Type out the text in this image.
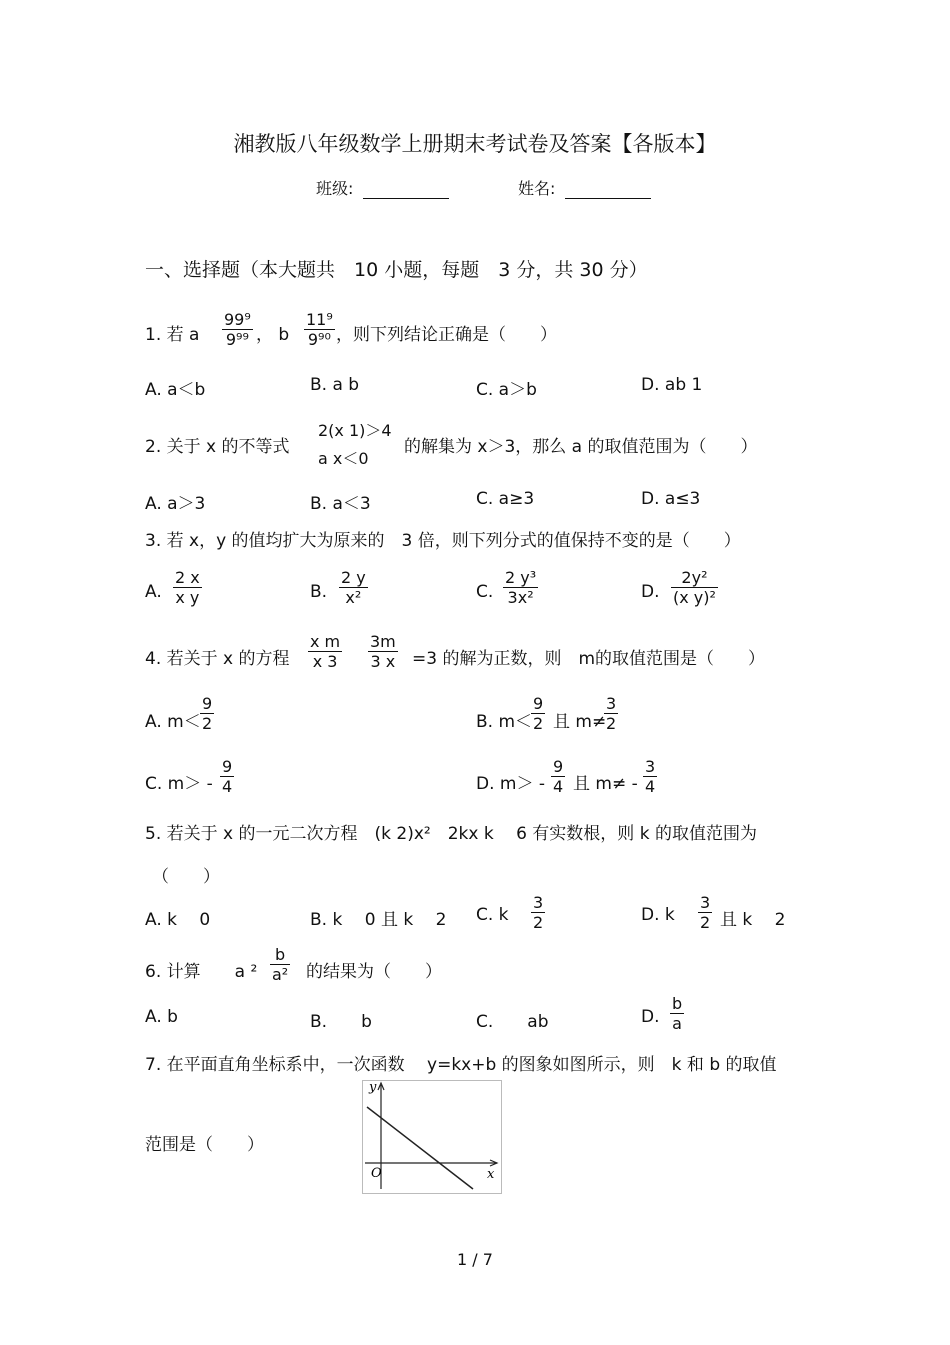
湘教版八年级数学上册期末考试卷及答案【各版本】
班级:	姓名:
一、选择题（本大题共　10 小题，每题　3 分，共 30 分）
1. 若 a $\frac{\text{99⁹}}{\text{9⁹⁹}}$ ， b $\frac{\text{11⁹}}{\text{9⁹⁰}}$ ，则下列结论正确是（　　）
A. a＜b	B. a b	C. a＞b	D. ab 1
2. 关于 x 的不等式
2(x 1)＞4
a x＜0
的解集为 x＞3，那么 a 的取值范围为（　　）
A. a＞3	B. a＜3	C. a≥3	D. a≤3
3. 若 x，y 的值均扩大为原来的　3 倍，则下列分式的值保持不变的是（　　）
A. $\frac{2 x}{\text{x y}}$	B. $\frac{2 y}{\text{x²}}$	C. $\frac{\text{2 y³}}{\text{3x²}}$	D. $\frac{\text{2y²}}{\text{(x y)²}}$
4. 若关于 x 的方程 $\frac{\text{x m}}{x 3} \frac{3m}{3 x} =3$ 的解为正数，则　m的取值范围是（　　）
A. $m< \frac{9}{2}$	B. m＜
$\frac{9}{2}$ 且 m≠
$\frac{3}{2}$
C. $m> - \frac{9}{4}$	D. $m> - \frac{9}{4}$ 且 $m\ne - \frac{3}{4}$
5. 若关于 x 的一元二次方程　(k 2)x²　2kx k　 6 有实数根，则 k 的取值范围为
（　　）
A. k　 0	B. k　 0 且 k　 2 C. k $\frac{3}{2}$	D. k $\frac{3}{2}$ 且 k　 2
6. 计算　　a $^2 \frac{b}{\text{a²}}$ 的结果为（　　）
A. b	B.　　b	C.　　ab	D. $\frac{b}{a}$
7. 在平面直角坐标系中，一次函数　 y=kx+b 的图象如图所示，则　k 和 b 的取值
范围是（　　）
y
x
O
1 / 7
